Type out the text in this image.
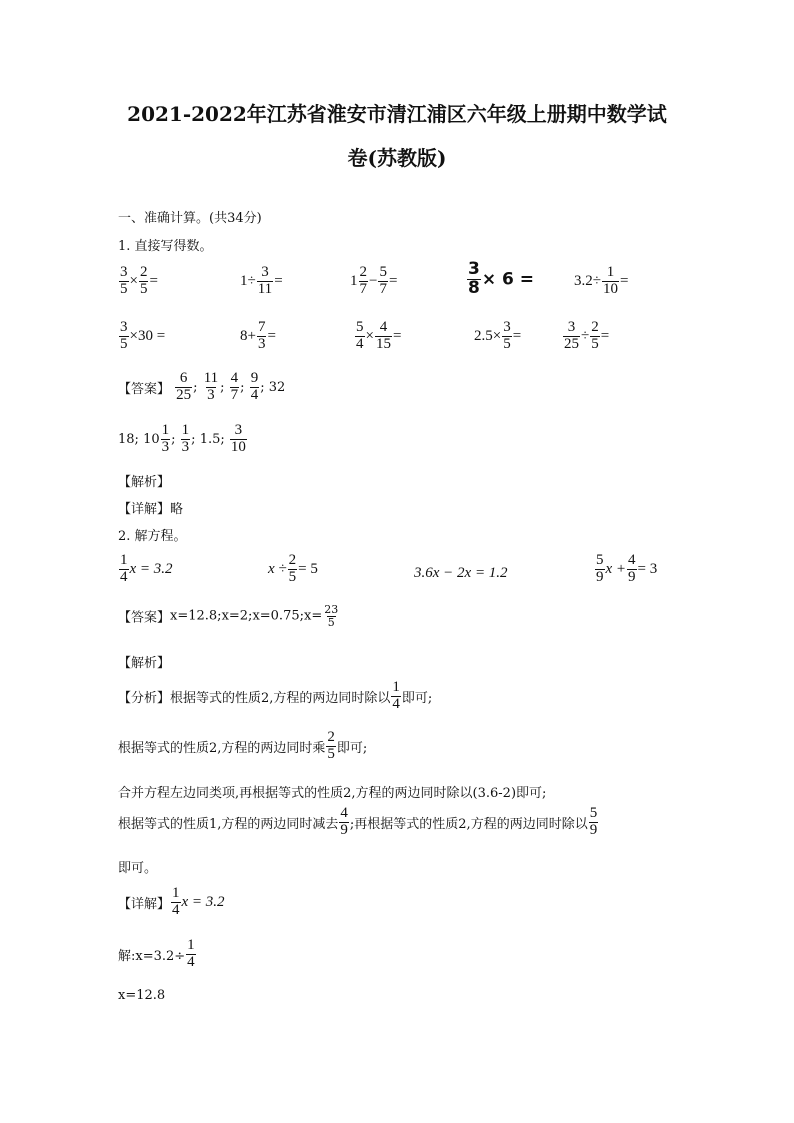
2021-2022年江苏省淮安市清江浦区六年级上册期中数学试
卷(苏教版)
一、准确计算。(共34分)
1. 直接写得数。
$\frac{3}{5} \times \frac{2}{5}$ =	$1\div \frac{3}{11}$ =	$1 \frac{2}{7} - \frac{5}{7}$ =	$\frac{3}{8} \times 6$ =	$3.2\div \frac{1}{10}$ =
$\frac{3}{5} \times 30$ =	$8+ \frac{7}{3}$ =	$\frac{5}{4} \times \frac{4}{15}$ =	$2.5\times \frac{3}{5}$ =	$\frac{3}{25} \div \frac{2}{5}$ =
【答案】 $\frac{6}{25}$ ; $\frac{11}{3}$ ; $\frac{4}{7}$ ; $\frac{9}{4}$ ; 32
18; $10 \frac{1}{3}$ ; $\frac{1}{3}$ ; 1.5; $\frac{3}{10}$
【解析】
【详解】略
2. 解方程。
$\frac{1}{4}$ x = 3.2	$x \div \frac{2}{5} = 5$	3.6x − 2x = 1.2	$\frac{5}{9}$ $x + \frac{4}{9} = 3$
【答案】x=12.8;x=2;x=0.75;x= $\frac{23}{5}$
【解析】
【分析】根据等式的性质2,方程的两边同时除以 $\frac{1}{4}$ 即可;
根据等式的性质2,方程的两边同时乘 $\frac{2}{5}$ 即可;
合并方程左边同类项,再根据等式的性质2,方程的两边同时除以(3.6-2)即可;
根据等式的性质1,方程的两边同时减去 $\frac{4}{9}$ ;再根据等式的性质2,方程的两边同时除以 $\frac{5}{9}$
即可。
【详解】 $\frac{1}{4}$ x = 3.2
解:x=3.2÷ $\frac{1}{4}$
x=12.8
